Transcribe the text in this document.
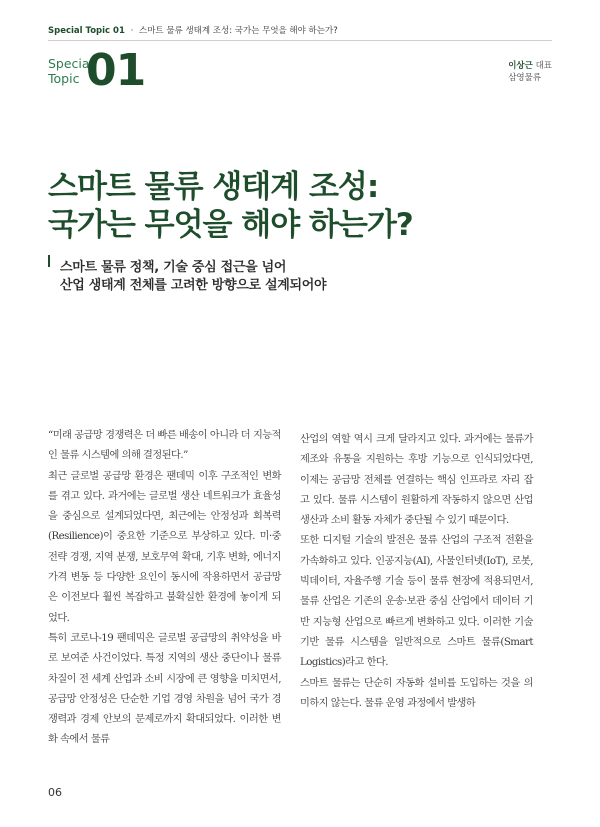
Special Topic 01 · 스마트 물류 생태계 조성: 국가는 무엇을 해야 하는가?
Special
Topic 01	이상근 대표
삼영물류
스마트 물류 생태계 조성:
국가는 무엇을 해야 하는가?
스마트 물류 정책, 기술 중심 접근을 넘어
산업 생태계 전체를 고려한 방향으로 설계되어야

“미래 공급망 경쟁력은 더 빠른 배송이 아니라 더 지능적인 물류 시스템에 의해 결정된다.”

최근 글로벌 공급망 환경은 팬데믹 이후 구조적인 변화를 겪고 있다. 과거에는 글로벌 생산 네트워크가 효율성을 중심으로 설계되었다면, 최근에는 안정성과 회복력(Resilience)이 중요한 기준으로 부상하고 있다. 미·중 전략 경쟁, 지역 분쟁, 보호무역 확대, 기후 변화, 에너지 가격 변동 등 다양한 요인이 동시에 작용하면서 공급망은 이전보다 훨씬 복잡하고 불확실한 환경에 놓이게 되었다.

특히 코로나-19 팬데믹은 글로벌 공급망의 취약성을 바로 보여준 사건이었다. 특정 지역의 생산 중단이나 물류 차질이 전 세계 산업과 소비 시장에 큰 영향을 미치면서, 공급망 안정성은 단순한 기업 경영 차원을 넘어 국가 경쟁력과 경제 안보의 문제로까지 확대되었다. 이러한 변화 속에서 물류

산업의 역할 역시 크게 달라지고 있다. 과거에는 물류가 제조와 유통을 지원하는 후방 기능으로 인식되었다면, 이제는 공급망 전체를 연결하는 핵심 인프라로 자리 잡고 있다. 물류 시스템이 원활하게 작동하지 않으면 산업 생산과 소비 활동 자체가 중단될 수 있기 때문이다.

또한 디지털 기술의 발전은 물류 산업의 구조적 전환을 가속화하고 있다. 인공지능(AI), 사물인터넷(IoT), 로봇, 빅데이터, 자율주행 기술 등이 물류 현장에 적용되면서, 물류 산업은 기존의 운송·보관 중심 산업에서 데이터 기반 지능형 산업으로 빠르게 변화하고 있다. 이러한 기술 기반 물류 시스템을 일반적으로 스마트 물류(Smart Logistics)라고 한다.

스마트 물류는 단순히 자동화 설비를 도입하는 것을 의미하지 않는다. 물류 운영 과정에서 발생하

06
